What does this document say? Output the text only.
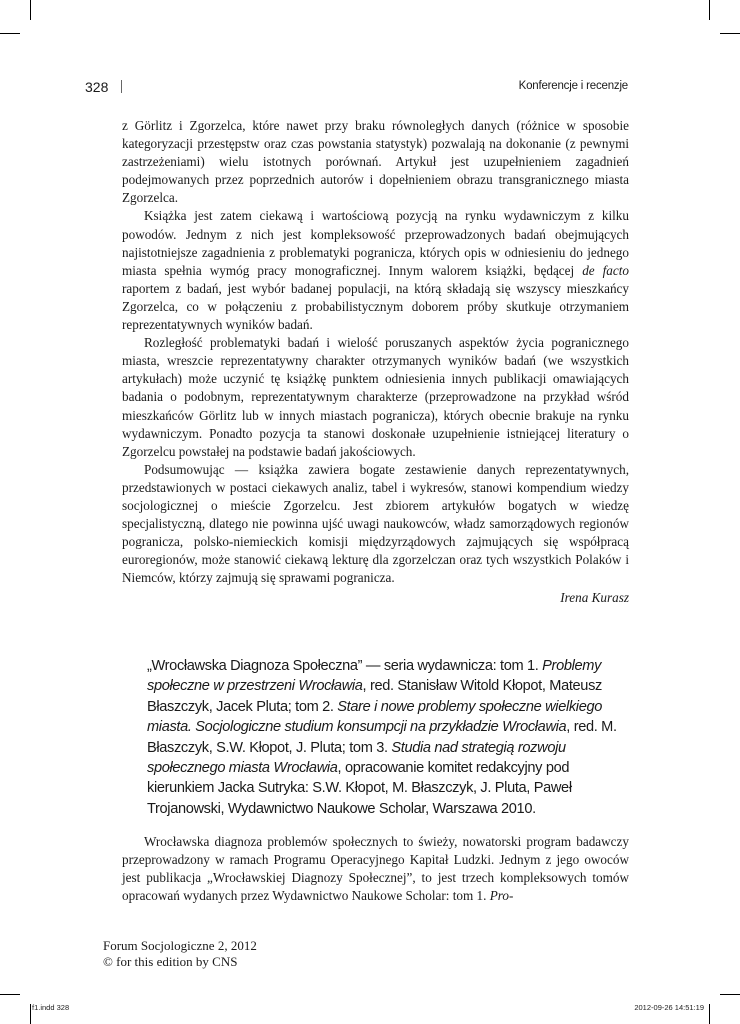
328	Konferencje i recenzje

z Görlitz i Zgorzelca, które nawet przy braku równoległych danych (różnice w sposobie kategoryzacji przestępstw oraz czas powstania statystyk) pozwalają na dokonanie (z pewnymi zastrzeżeniami) wielu istotnych porównań. Artykuł jest uzupełnieniem zagadnień podejmowanych przez poprzednich autorów i dopełnieniem obrazu transgranicznego miasta Zgorzelca.

Książka jest zatem ciekawą i wartościową pozycją na rynku wydawniczym z kilku powodów. Jednym z nich jest kompleksowość przeprowadzonych badań obejmujących najistotniejsze zagadnienia z problematyki pogranicza, których opis w odniesieniu do jednego miasta spełnia wymóg pracy monograficznej. Innym walorem książki, będącej de facto raportem z badań, jest wybór badanej populacji, na którą składają się wszyscy mieszkańcy Zgorzelca, co w połączeniu z probabilistycznym doborem próby skutkuje otrzymaniem reprezentatywnych wyników badań.

Rozległość problematyki badań i wielość poruszanych aspektów życia pogranicznego miasta, wreszcie reprezentatywny charakter otrzymanych wyników badań (we wszystkich artykułach) może uczynić tę książkę punktem odniesienia innych publikacji omawiających badania o podobnym, reprezentatywnym charakterze (przeprowadzone na przykład wśród mieszkańców Görlitz lub w innych miastach pogranicza), których obecnie brakuje na rynku wydawniczym. Ponadto pozycja ta stanowi doskonałe uzupełnienie istniejącej literatury o Zgorzelcu powstałej na podstawie badań jakościowych.

Podsumowując — książka zawiera bogate zestawienie danych reprezentatywnych, przedstawionych w postaci ciekawych analiz, tabel i wykresów, stanowi kompendium wiedzy socjologicznej o mieście Zgorzelcu. Jest zbiorem artykułów bogatych w wiedzę specjalistyczną, dlatego nie powinna ujść uwagi naukowców, władz samorządowych regionów pogranicza, polsko-niemieckich komisji międzyrządowych zajmujących się współpracą euroregionów, może stanowić ciekawą lekturę dla zgorzelczan oraz tych wszystkich Polaków i Niemców, którzy zajmują się sprawami pogranicza.

Irena Kurasz
„Wrocławska Diagnoza Społeczna” — seria wydawnicza: tom 1. Problemy społeczne w przestrzeni Wrocławia, red. Stanisław Witold Kłopot, Mateusz Błaszczyk, Jacek Pluta; tom 2. Stare i nowe problemy społeczne wielkiego miasta. Socjologiczne studium konsumpcji na przykładzie Wrocławia, red. M. Błaszczyk, S.W. Kłopot, J. Pluta; tom 3. Studia nad strategią rozwoju społecznego miasta Wrocławia, opracowanie komitet redakcyjny pod kierunkiem Jacka Sutryka: S.W. Kłopot, M. Błaszczyk, J. Pluta, Paweł Trojanowski, Wydawnictwo Naukowe Scholar, Warszawa 2010.

Wrocławska diagnoza problemów społecznych to świeży, nowatorski program badawczy przeprowadzony w ramach Programu Operacyjnego Kapitał Ludzki. Jednym z jego owoców jest publikacja „Wrocławskiej Diagnozy Społecznej”, to jest trzech kompleksowych tomów opracowań wydanych przez Wydawnictwo Naukowe Scholar: tom 1. Pro-

Forum Socjologiczne 2, 2012
© for this edition by CNS
f1.indd 328	2012-09-26 14:51:19
